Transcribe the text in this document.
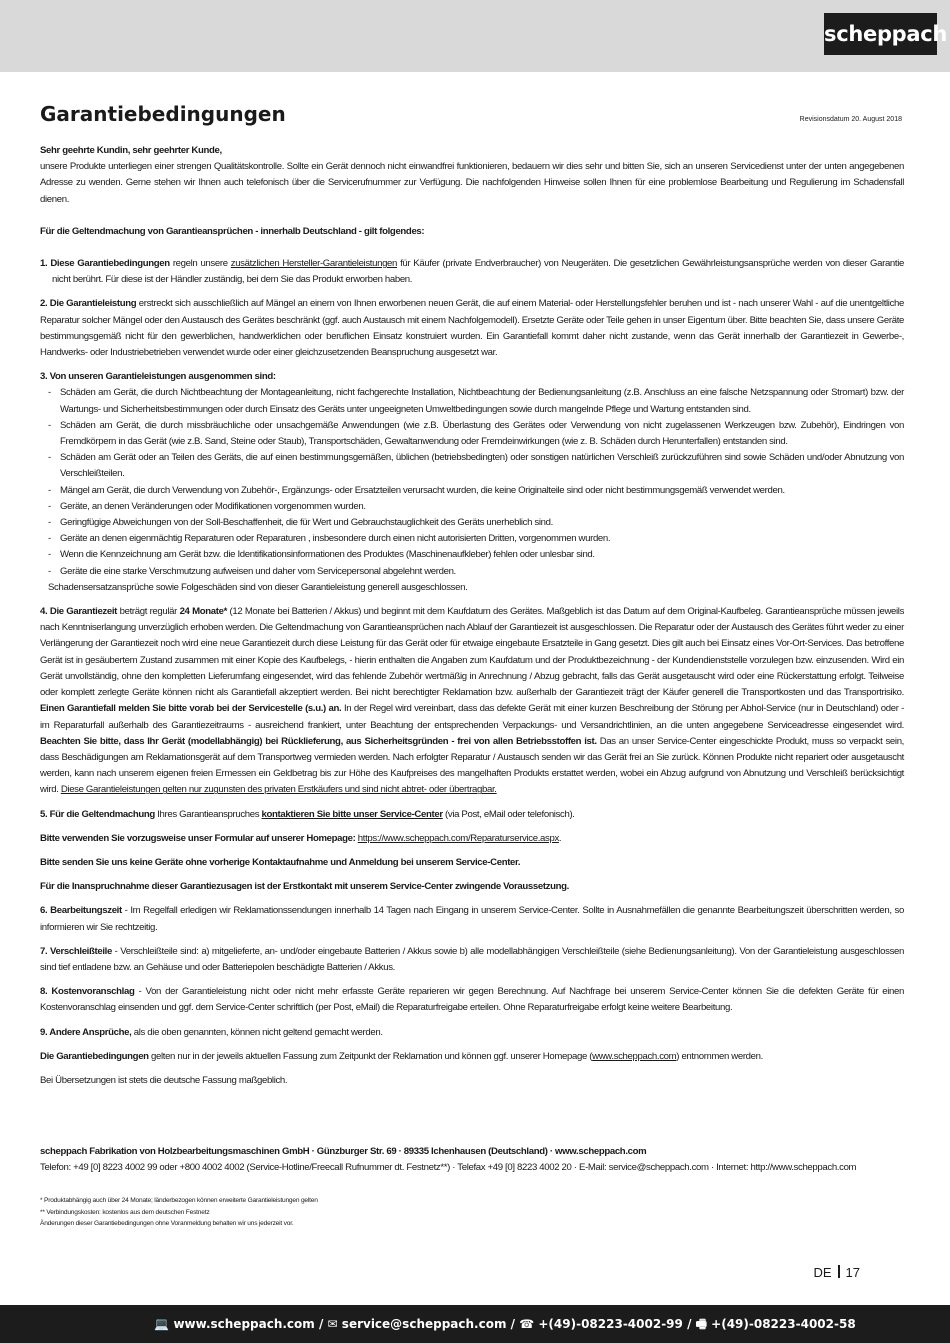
scheppach
Garantiebedingungen	Revisionsdatum 20. August 2018

Sehr geehrte Kundin, sehr geehrter Kunde,

unsere Produkte unterliegen einer strengen Qualitätskontrolle. Sollte ein Gerät dennoch nicht einwandfrei funktionieren, bedauern wir dies sehr und bitten Sie, sich an unseren Servicedienst unter der unten angegebenen Adresse zu wenden. Gerne stehen wir Ihnen auch telefonisch über die Servicerufnummer zur Verfügung. Die nachfolgenden Hinweise sollen Ihnen für eine problemlose Bearbeitung und Regulierung im Schadensfall dienen.

Für die Geltendmachung von Garantieansprüchen - innerhalb Deutschland - gilt folgendes:

1. Diese Garantiebedingungen regeln unsere zusätzlichen Hersteller-Garantieleistungen für Käufer (private Endverbraucher) von Neugeräten. Die gesetzlichen Gewährleistungsansprüche werden von dieser Garantie nicht berührt. Für diese ist der Händler zuständig, bei dem Sie das Produkt erworben haben.

2. Die Garantieleistung erstreckt sich ausschließlich auf Mängel an einem von Ihnen erworbenen neuen Gerät, die auf einem Material- oder Herstellungsfehler beruhen und ist - nach unserer Wahl - auf die unentgeltliche Reparatur solcher Mängel oder den Austausch des Gerätes beschränkt (ggf. auch Austausch mit einem Nachfolgemodell). Ersetzte Geräte oder Teile gehen in unser Eigentum über. Bitte beachten Sie, dass unsere Geräte bestimmungsgemäß nicht für den gewerblichen, handwerklichen oder beruflichen Einsatz konstruiert wurden. Ein Garantiefall kommt daher nicht zustande, wenn das Gerät innerhalb der Garantiezeit in Gewerbe-, Handwerks- oder Industriebetrieben verwendet wurde oder einer gleichzusetzenden Beanspruchung ausgesetzt war.

3. Von unseren Garantieleistungen ausgenommen sind:

- Schäden am Gerät, die durch Nichtbeachtung der Montageanleitung, nicht fachgerechte Installation, Nichtbeachtung der Bedienungsanleitung (z.B. Anschluss an eine falsche Netzspannung oder Stromart) bzw. der Wartungs- und Sicherheitsbestimmungen oder durch Einsatz des Geräts unter ungeeigneten Umweltbedingungen sowie durch mangelnde Pflege und Wartung entstanden sind.
- Schäden am Gerät, die durch missbräuchliche oder unsachgemäße Anwendungen (wie z.B. Überlastung des Gerätes oder Verwendung von nicht zugelassenen Werkzeugen bzw. Zubehör), Eindringen von Fremdkörpern in das Gerät (wie z.B. Sand, Steine oder Staub), Transportschäden, Gewaltanwendung oder Fremdeinwirkungen (wie z. B. Schäden durch Herunterfallen) entstanden sind.
- Schäden am Gerät oder an Teilen des Geräts, die auf einen bestimmungsgemäßen, üblichen (betriebsbedingten) oder sonstigen natürlichen Verschleiß zurückzuführen sind sowie Schäden und/oder Abnutzung von Verschleißteilen.
- Mängel am Gerät, die durch Verwendung von Zubehör-, Ergänzungs- oder Ersatzteilen verursacht wurden, die keine Originalteile sind oder nicht bestimmungsgemäß verwendet werden.
- Geräte, an denen Veränderungen oder Modifikationen vorgenommen wurden.
- Geringfügige Abweichungen von der Soll-Beschaffenheit, die für Wert und Gebrauchstauglichkeit des Geräts unerheblich sind.
- Geräte an denen eigenmächtig Reparaturen oder Reparaturen , insbesondere durch einen nicht autorisierten Dritten, vorgenommen wurden.
- Wenn die Kennzeichnung am Gerät bzw. die Identifikationsinformationen des Produktes (Maschinenaufkleber) fehlen oder unlesbar sind.
- Geräte die eine starke Verschmutzung aufweisen und daher vom Servicepersonal abgelehnt werden.

Schadensersatzansprüche sowie Folgeschäden sind von dieser Garantieleistung generell ausgeschlossen.

4. Die Garantiezeit beträgt regulär 24 Monate* (12 Monate bei Batterien / Akkus) und beginnt mit dem Kaufdatum des Gerätes. Maßgeblich ist das Datum auf dem Original-Kaufbeleg. Garantieansprüche müssen jeweils nach Kenntniserlangung unverzüglich erhoben werden. Die Geltendmachung von Garantieansprüchen nach Ablauf der Garantiezeit ist ausgeschlossen. Die Reparatur oder der Austausch des Gerätes führt weder zu einer Verlängerung der Garantiezeit noch wird eine neue Garantiezeit durch diese Leistung für das Gerät oder für etwaige eingebaute Ersatzteile in Gang gesetzt. Dies gilt auch bei Einsatz eines Vor-Ort-Services. Das betroffene Gerät ist in gesäubertem Zustand zusammen mit einer Kopie des Kaufbelegs, - hierin enthalten die Angaben zum Kaufdatum und der Produktbezeichnung - der Kundendienststelle vorzulegen bzw. einzusenden. Wird ein Gerät unvollständig, ohne den kompletten Lieferumfang eingesendet, wird das fehlende Zubehör wertmäßig in Anrechnung / Abzug gebracht, falls das Gerät ausgetauscht wird oder eine Rückerstattung erfolgt. Teilweise oder komplett zerlegte Geräte können nicht als Garantiefall akzeptiert werden. Bei nicht berechtigter Reklamation bzw. außerhalb der Garantiezeit trägt der Käufer generell die Transportkosten und das Transportrisiko. Einen Garantiefall melden Sie bitte vorab bei der Servicestelle (s.u.) an. In der Regel wird vereinbart, dass das defekte Gerät mit einer kurzen Beschreibung der Störung per Abhol-Service (nur in Deutschland) oder - im Reparaturfall außerhalb des Garantiezeitraums - ausreichend frankiert, unter Beachtung der entsprechenden Verpackungs- und Versandrichtlinien, an die unten angegebene Serviceadresse eingesendet wird. Beachten Sie bitte, dass Ihr Gerät (modellabhängig) bei Rücklieferung, aus Sicherheitsgründen - frei von allen Betriebsstoffen ist. Das an unser Service-Center eingeschickte Produkt, muss so verpackt sein, dass Beschädigungen am Reklamationsgerät auf dem Transportweg vermieden werden. Nach erfolgter Reparatur / Austausch senden wir das Gerät frei an Sie zurück. Können Produkte nicht repariert oder ausgetauscht werden, kann nach unserem eigenen freien Ermessen ein Geldbetrag bis zur Höhe des Kaufpreises des mangelhaften Produkts erstattet werden, wobei ein Abzug aufgrund von Abnutzung und Verschleiß berücksichtigt wird. Diese Garantieleistungen gelten nur zugunsten des privaten Erstkäufers und sind nicht abtret- oder übertragbar.

5. Für die Geltendmachung Ihres Garantieanspruches kontaktieren Sie bitte unser Service-Center (via Post, eMail oder telefonisch).

Bitte verwenden Sie vorzugsweise unser Formular auf unserer Homepage: https://www.scheppach.com/Reparaturservice.aspx.

Bitte senden Sie uns keine Geräte ohne vorherige Kontaktaufnahme und Anmeldung bei unserem Service-Center.

Für die Inanspruchnahme dieser Garantiezusagen ist der Erstkontakt mit unserem Service-Center zwingende Voraussetzung.

6. Bearbeitungszeit - Im Regelfall erledigen wir Reklamationssendungen innerhalb 14 Tagen nach Eingang in unserem Service-Center. Sollte in Ausnahmefällen die genannte Bearbeitungszeit überschritten werden, so informieren wir Sie rechtzeitig.

7. Verschleißteile - Verschleißteile sind: a) mitgelieferte, an- und/oder eingebaute Batterien / Akkus sowie b) alle modellabhängigen Verschleißteile (siehe Bedienungsanleitung). Von der Garantieleistung ausgeschlossen sind tief entladene bzw. an Gehäuse und oder Batteriepolen beschädigte Batterien / Akkus.

8. Kostenvoranschlag - Von der Garantieleistung nicht oder nicht mehr erfasste Geräte reparieren wir gegen Berechnung. Auf Nachfrage bei unserem Service-Center können Sie die defekten Geräte für einen Kostenvoranschlag einsenden und ggf. dem Service-Center schriftlich (per Post, eMail) die Reparaturfreigabe erteilen. Ohne Reparaturfreigabe erfolgt keine weitere Bearbeitung.

9. Andere Ansprüche, als die oben genannten, können nicht geltend gemacht werden.

Die Garantiebedingungen gelten nur in der jeweils aktuellen Fassung zum Zeitpunkt der Reklamation und können ggf. unserer Homepage (www.scheppach.com) entnommen werden.

Bei Übersetzungen ist stets die deutsche Fassung maßgeblich.

scheppach Fabrikation von Holzbearbeitungsmaschinen GmbH · Günzburger Str. 69 · 89335 Ichenhausen (Deutschland) · www.scheppach.com

Telefon: +49 [0] 8223 4002 99 oder +800 4002 4002 (Service-Hotline/Freecall Rufnummer dt. Festnetz**) · Telefax +49 [0] 8223 4002 20 · E-Mail: service@scheppach.com · Internet: http://www.scheppach.com

* Produktabhängig auch über 24 Monate; länderbezogen können erweiterte Garantieleistungen gelten

** Verbindungskosten: kostenlos aus dem deutschen Festnetz

Änderungen dieser Garantiebedingungen ohne Voranmeldung behalten wir uns jederzeit vor.

DE 17
💻 www.scheppach.com / ✉ service@scheppach.com / ☎ +(49)-08223-4002-99 / 🖷 +(49)-08223-4002-58
